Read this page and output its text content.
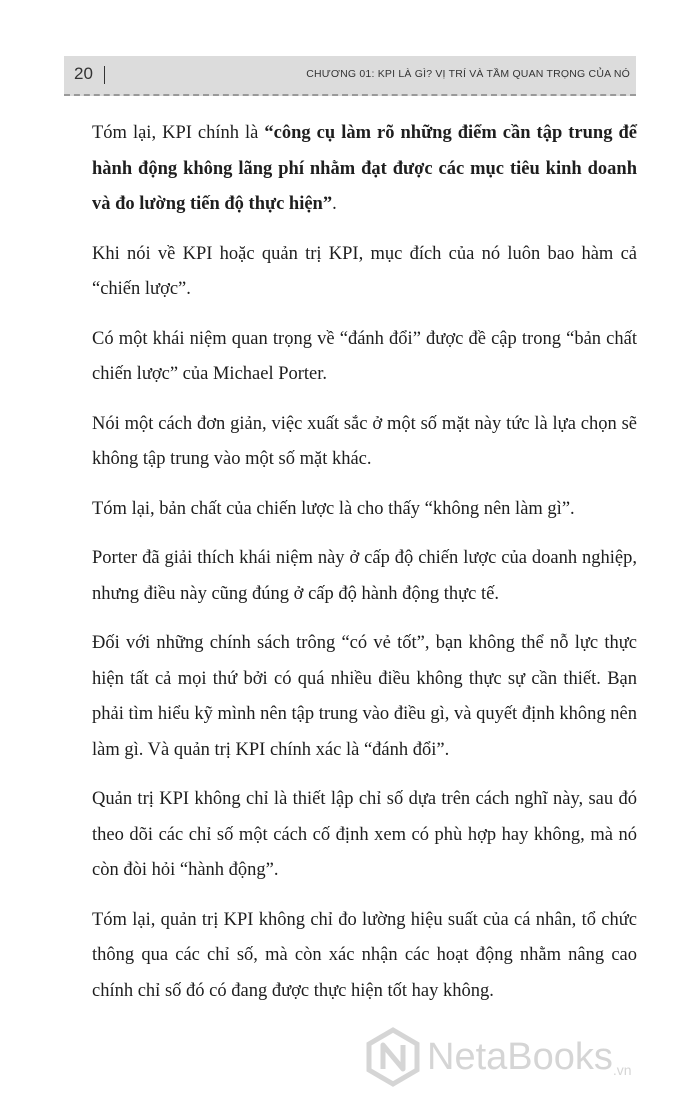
20	CHƯƠNG 01: KPI LÀ GÌ? VỊ TRÍ VÀ TẦM QUAN TRỌNG CỦA NÓ

Tóm lại, KPI chính là “công cụ làm rõ những điểm cần tập trung để hành động không lãng phí nhằm đạt được các mục tiêu kinh doanh và đo lường tiến độ thực hiện”.

Khi nói về KPI hoặc quản trị KPI, mục đích của nó luôn bao hàm cả “chiến lược”.

Có một khái niệm quan trọng về “đánh đổi” được đề cập trong “bản chất chiến lược” của Michael Porter.

Nói một cách đơn giản, việc xuất sắc ở một số mặt này tức là lựa chọn sẽ không tập trung vào một số mặt khác.

Tóm lại, bản chất của chiến lược là cho thấy “không nên làm gì”.

Porter đã giải thích khái niệm này ở cấp độ chiến lược của doanh nghiệp, nhưng điều này cũng đúng ở cấp độ hành động thực tế.

Đối với những chính sách trông “có vẻ tốt”, bạn không thể nỗ lực thực hiện tất cả mọi thứ bởi có quá nhiều điều không thực sự cần thiết. Bạn phải tìm hiểu kỹ mình nên tập trung vào điều gì, và quyết định không nên làm gì. Và quản trị KPI chính xác là “đánh đổi”.

Quản trị KPI không chỉ là thiết lập chỉ số dựa trên cách nghĩ này, sau đó theo dõi các chỉ số một cách cố định xem có phù hợp hay không, mà nó còn đòi hỏi “hành động”.

Tóm lại, quản trị KPI không chỉ đo lường hiệu suất của cá nhân, tổ chức thông qua các chỉ số, mà còn xác nhận các hoạt động nhằm nâng cao chính chỉ số đó có đang được thực hiện tốt hay không.

NetaBooks .vn
